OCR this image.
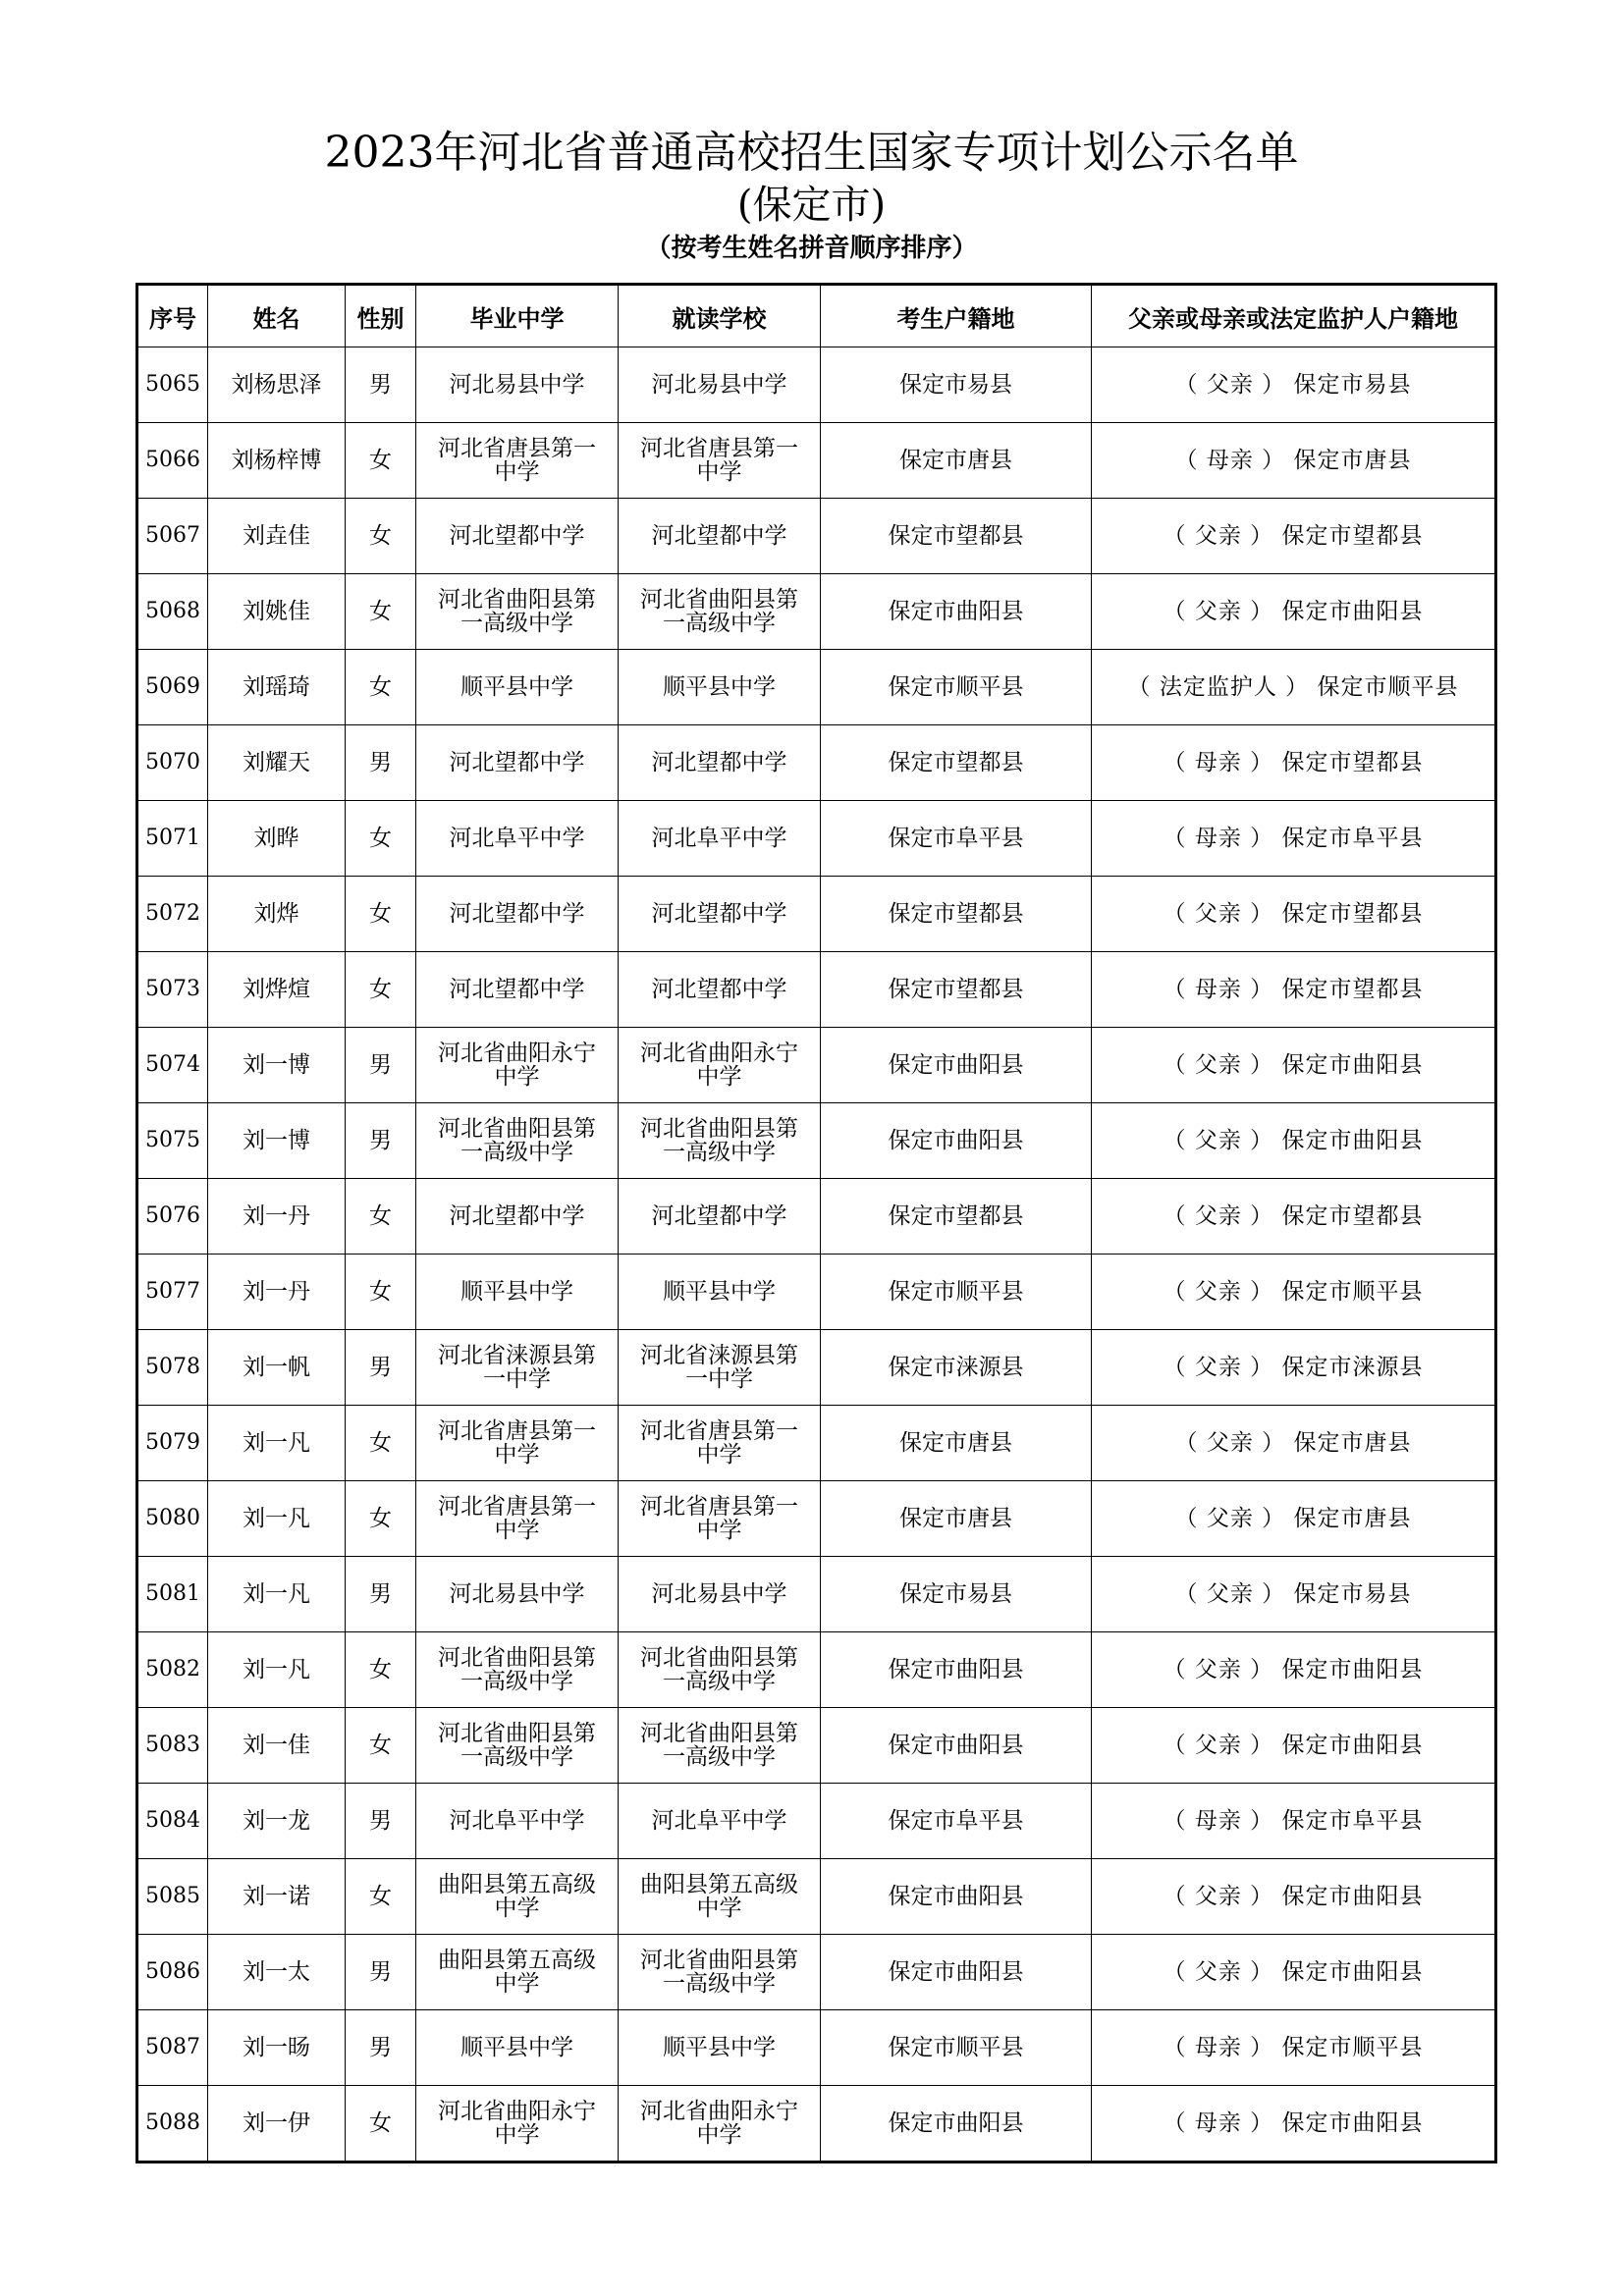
2023年河北省普通高校招生国家专项计划公示名单
(保定市)
（按考生姓名拼音顺序排序）
序号	姓名	性别	毕业中学	就读学校	考生户籍地	父亲或母亲或法定监护人户籍地
5065	刘杨思泽	男	河北易县中学	河北易县中学	保定市易县	（ 父亲 ） 保定市易县
5066	刘杨梓博	女	河北省唐县第一中学	河北省唐县第一中学	保定市唐县	（ 母亲 ） 保定市唐县
5067	刘垚佳	女	河北望都中学	河北望都中学	保定市望都县	（ 父亲 ） 保定市望都县
5068	刘姚佳	女	河北省曲阳县第一高级中学	河北省曲阳县第一高级中学	保定市曲阳县	（ 父亲 ） 保定市曲阳县
5069	刘瑶琦	女	顺平县中学	顺平县中学	保定市顺平县	（ 法定监护人 ） 保定市顺平县
5070	刘耀天	男	河北望都中学	河北望都中学	保定市望都县	（ 母亲 ） 保定市望都县
5071	刘晔	女	河北阜平中学	河北阜平中学	保定市阜平县	（ 母亲 ） 保定市阜平县
5072	刘烨	女	河北望都中学	河北望都中学	保定市望都县	（ 父亲 ） 保定市望都县
5073	刘烨煊	女	河北望都中学	河北望都中学	保定市望都县	（ 母亲 ） 保定市望都县
5074	刘一博	男	河北省曲阳永宁中学	河北省曲阳永宁中学	保定市曲阳县	（ 父亲 ） 保定市曲阳县
5075	刘一博	男	河北省曲阳县第一高级中学	河北省曲阳县第一高级中学	保定市曲阳县	（ 父亲 ） 保定市曲阳县
5076	刘一丹	女	河北望都中学	河北望都中学	保定市望都县	（ 父亲 ） 保定市望都县
5077	刘一丹	女	顺平县中学	顺平县中学	保定市顺平县	（ 父亲 ） 保定市顺平县
5078	刘一帆	男	河北省涞源县第一中学	河北省涞源县第一中学	保定市涞源县	（ 父亲 ） 保定市涞源县
5079	刘一凡	女	河北省唐县第一中学	河北省唐县第一中学	保定市唐县	（ 父亲 ） 保定市唐县
5080	刘一凡	女	河北省唐县第一中学	河北省唐县第一中学	保定市唐县	（ 父亲 ） 保定市唐县
5081	刘一凡	男	河北易县中学	河北易县中学	保定市易县	（ 父亲 ） 保定市易县
5082	刘一凡	女	河北省曲阳县第一高级中学	河北省曲阳县第一高级中学	保定市曲阳县	（ 父亲 ） 保定市曲阳县
5083	刘一佳	女	河北省曲阳县第一高级中学	河北省曲阳县第一高级中学	保定市曲阳县	（ 父亲 ） 保定市曲阳县
5084	刘一龙	男	河北阜平中学	河北阜平中学	保定市阜平县	（ 母亲 ） 保定市阜平县
5085	刘一诺	女	曲阳县第五高级中学	曲阳县第五高级中学	保定市曲阳县	（ 父亲 ） 保定市曲阳县
5086	刘一太	男	曲阳县第五高级中学	河北省曲阳县第一高级中学	保定市曲阳县	（ 父亲 ） 保定市曲阳县
5087	刘一旸	男	顺平县中学	顺平县中学	保定市顺平县	（ 母亲 ） 保定市顺平县
5088	刘一伊	女	河北省曲阳永宁中学	河北省曲阳永宁中学	保定市曲阳县	（ 母亲 ） 保定市曲阳县
